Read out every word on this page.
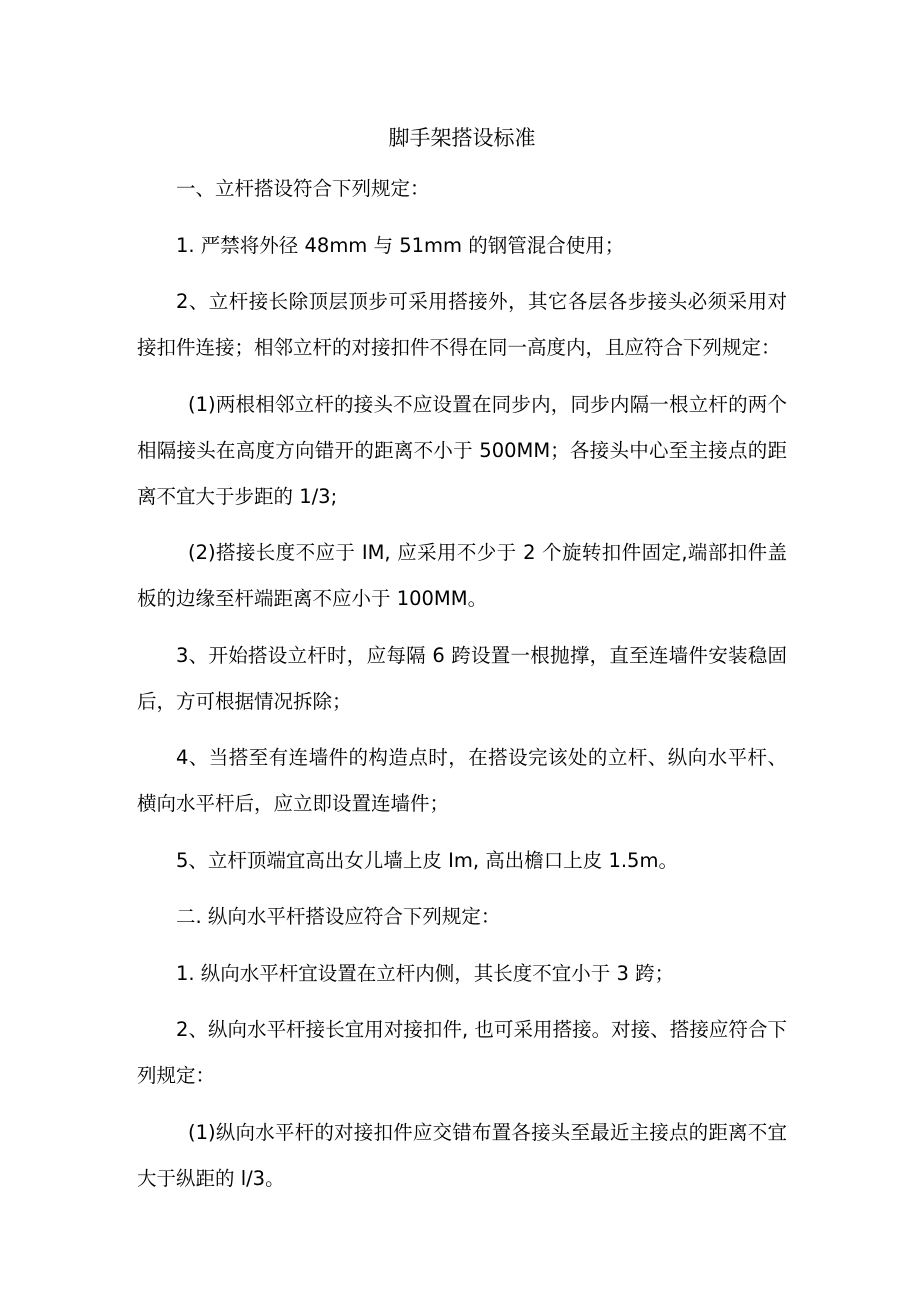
脚手架搭设标准

一、立杆搭设符合下列规定：

1. 严禁将外径 48mm 与 51mm 的钢管混合使用；

2、立杆接长除顶层顶步可采用搭接外，其它各层各步接头必须采用对接扣件连接；相邻立杆的对接扣件不得在同一高度内，且应符合下列规定：

(1)两根相邻立杆的接头不应设置在同步内，同步内隔一根立杆的两个相隔接头在高度方向错开的距离不小于 500MM；各接头中心至主接点的距离不宜大于步距的 1/3;

(2)搭接长度不应于 IM, 应采用不少于 2 个旋转扣件固定,端部扣件盖板的边缘至杆端距离不应小于 100MM。

3、开始搭设立杆时，应每隔 6 跨设置一根抛撑，直至连墙件安装稳固后，方可根据情况拆除；

4、当搭至有连墙件的构造点时，在搭设完该处的立杆、纵向水平杆、横向水平杆后，应立即设置连墙件；

5、立杆顶端宜高出女儿墙上皮 Im, 高出檐口上皮 1.5m。

二. 纵向水平杆搭设应符合下列规定：

1. 纵向水平杆宜设置在立杆内侧，其长度不宜小于 3 跨；

2、纵向水平杆接长宜用对接扣件, 也可采用搭接。对接、搭接应符合下列规定：

(1)纵向水平杆的对接扣件应交错布置各接头至最近主接点的距离不宜大于纵距的 l/3。
